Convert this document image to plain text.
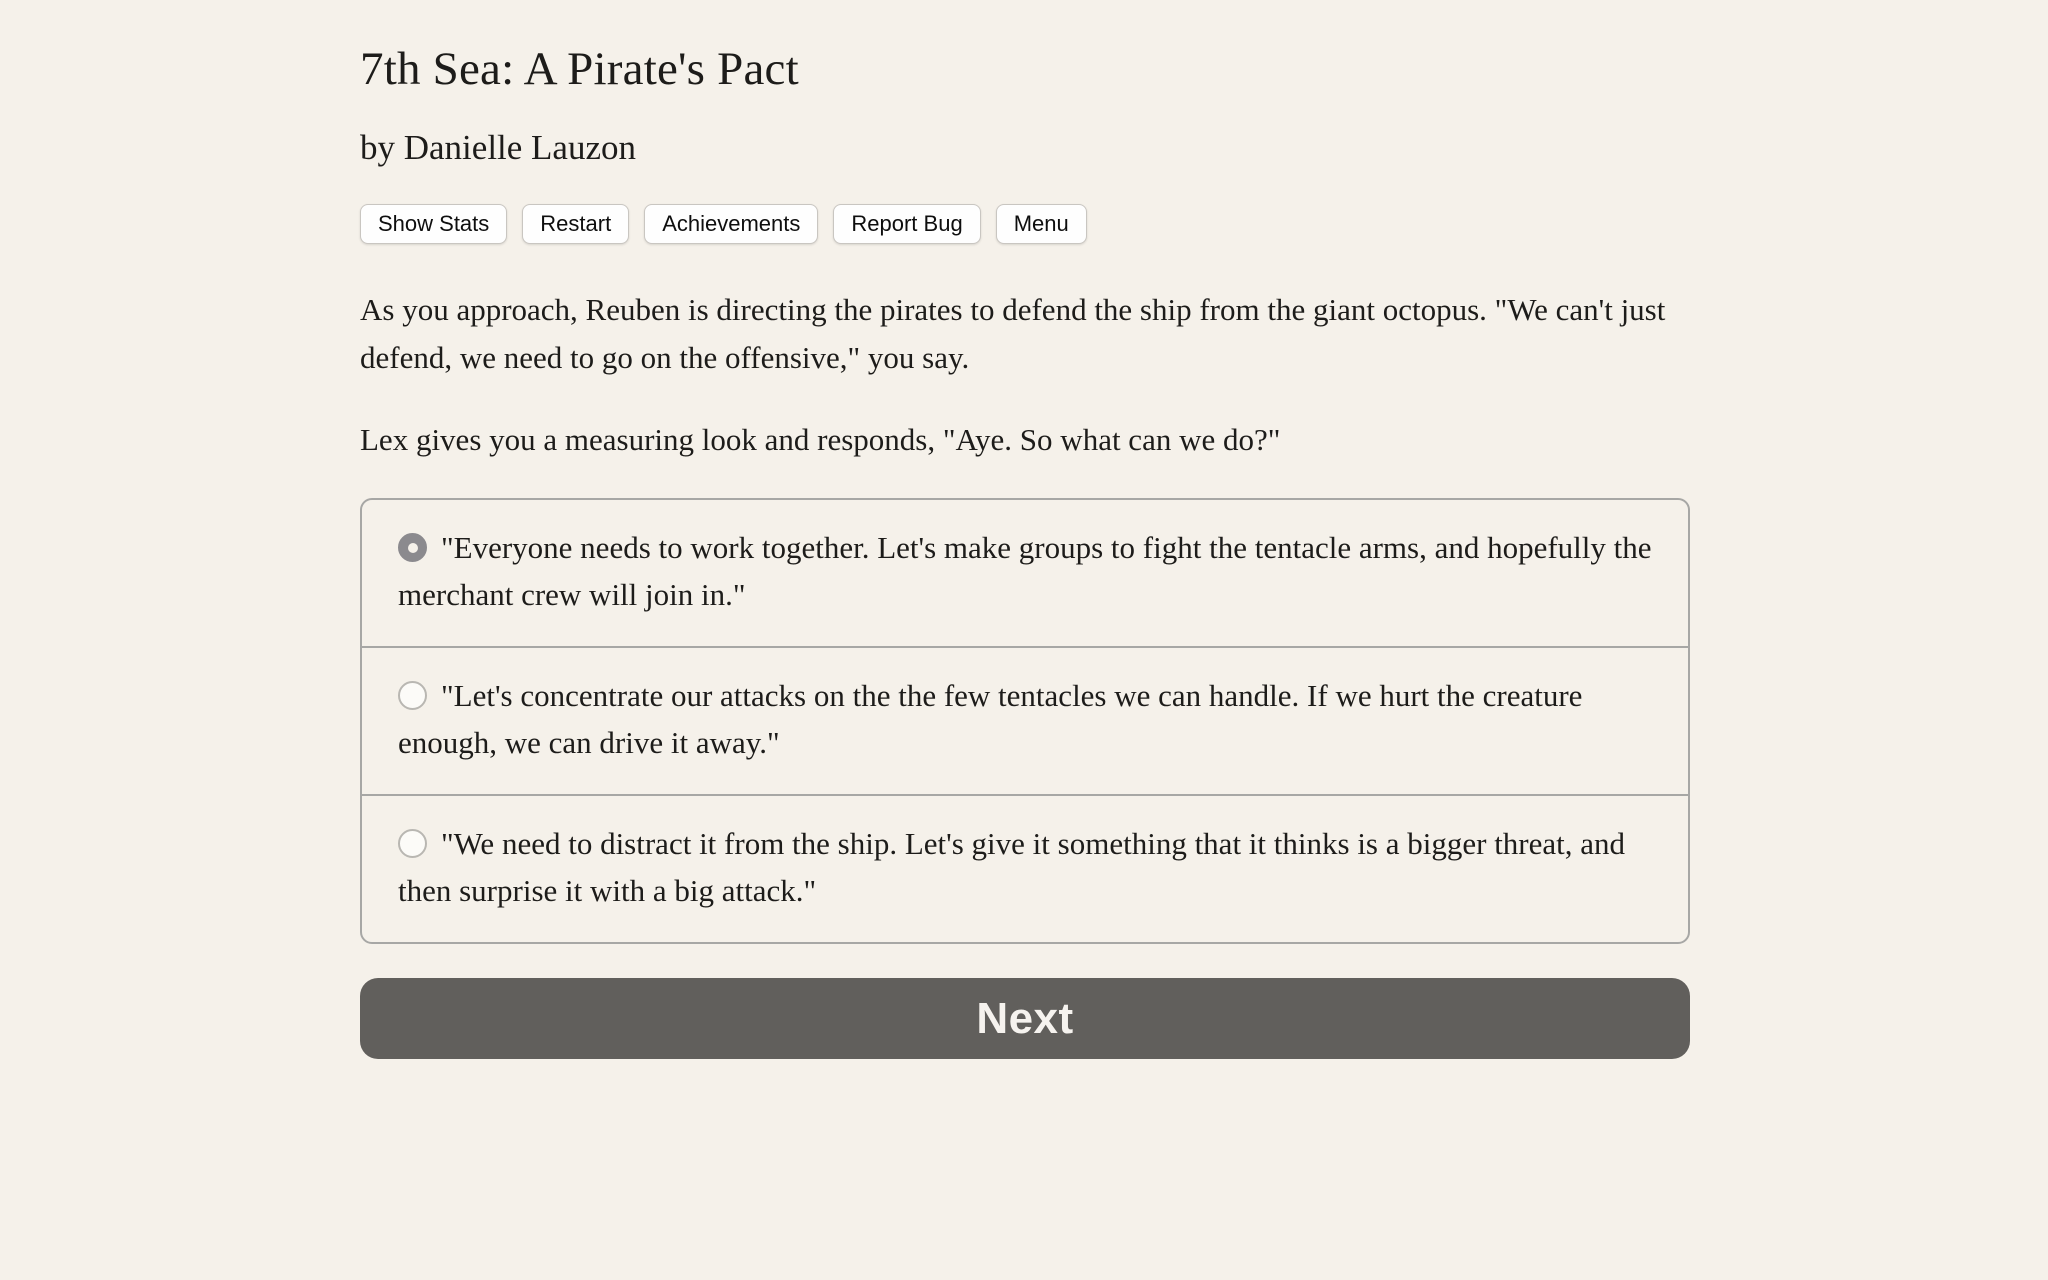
7th Sea: A Pirate's Pact
by Danielle Lauzon
Show Stats	Restart	Achievements	Report Bug	Menu

As you approach, Reuben is directing the pirates to defend the ship from the giant octopus. "We can't just defend, we need to go on the offensive," you say.

Lex gives you a measuring look and responds, "Aye. So what can we do?"

"Everyone needs to work together. Let's make groups to fight the tentacle arms, and hopefully the merchant crew will join in."
"Let's concentrate our attacks on the the few tentacles we can handle. If we hurt the creature enough, we can drive it away."
"We need to distract it from the ship. Let's give it something that it thinks is a bigger threat, and then surprise it with a big attack."
Next
